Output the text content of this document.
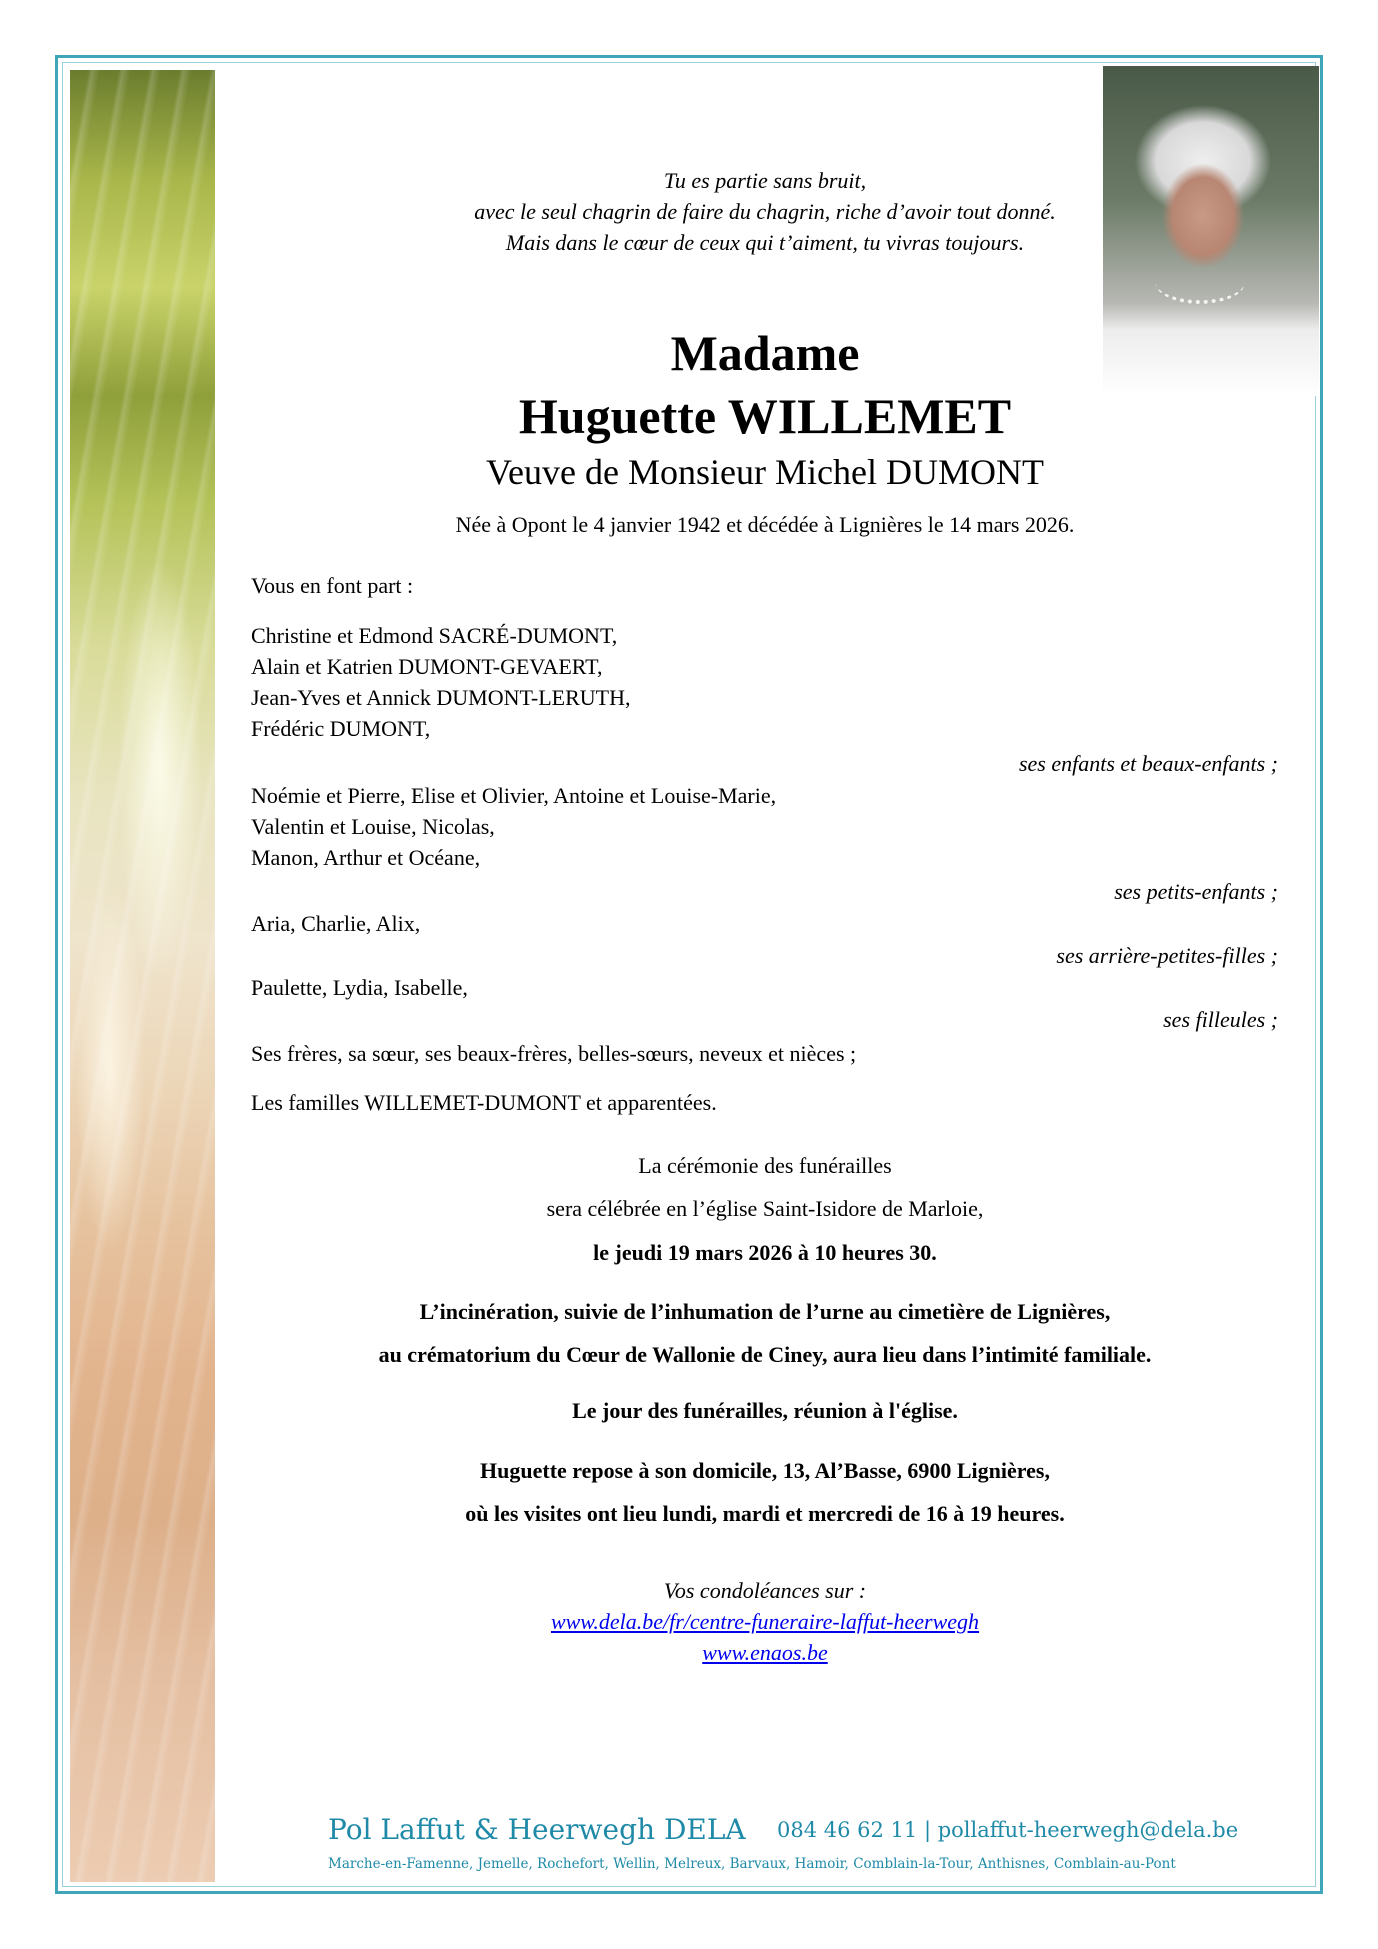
Tu es partie sans bruit,
avec le seul chagrin de faire du chagrin, riche d’avoir tout donné.
Mais dans le cœur de ceux qui t’aiment, tu vivras toujours.
Madame
Huguette WILLEMET
Veuve de Monsieur Michel DUMONT
Née à Opont le 4 janvier 1942 et décédée à Lignières le 14 mars 2026.
Vous en font part :
Christine et Edmond SACRÉ-DUMONT,
Alain et Katrien DUMONT-GEVAERT,
Jean-Yves et Annick DUMONT-LERUTH,
Frédéric DUMONT,
ses enfants et beaux-enfants ;
Noémie et Pierre, Elise et Olivier, Antoine et Louise-Marie,
Valentin et Louise, Nicolas,
Manon, Arthur et Océane,
ses petits-enfants ;
Aria, Charlie, Alix,
ses arrière-petites-filles ;
Paulette, Lydia, Isabelle,
ses filleules ;
Ses frères, sa sœur, ses beaux-frères, belles-sœurs, neveux et nièces ;
Les familles WILLEMET-DUMONT et apparentées.
La cérémonie des funérailles
sera célébrée en l’église Saint-Isidore de Marloie,
le jeudi 19 mars 2026 à 10 heures 30.
L’incinération, suivie de l’inhumation de l’urne au cimetière de Lignières,
au crématorium du Cœur de Wallonie de Ciney, aura lieu dans l’intimité familiale.
Le jour des funérailles, réunion à l'église.
Huguette repose à son domicile, 13, Al’Basse, 6900 Lignières,
où les visites ont lieu lundi, mardi et mercredi de 16 à 19 heures.
Vos condoléances sur :
www.dela.be/fr/centre-funeraire-laffut-heerwegh
www.enaos.be
Pol Laffut & Heerwegh DELA 084 46 62 11 | pollaffut-heerwegh@dela.be
Marche-en-Famenne, Jemelle, Rochefort, Wellin, Melreux, Barvaux, Hamoir, Comblain-la-Tour, Anthisnes, Comblain-au-Pont
